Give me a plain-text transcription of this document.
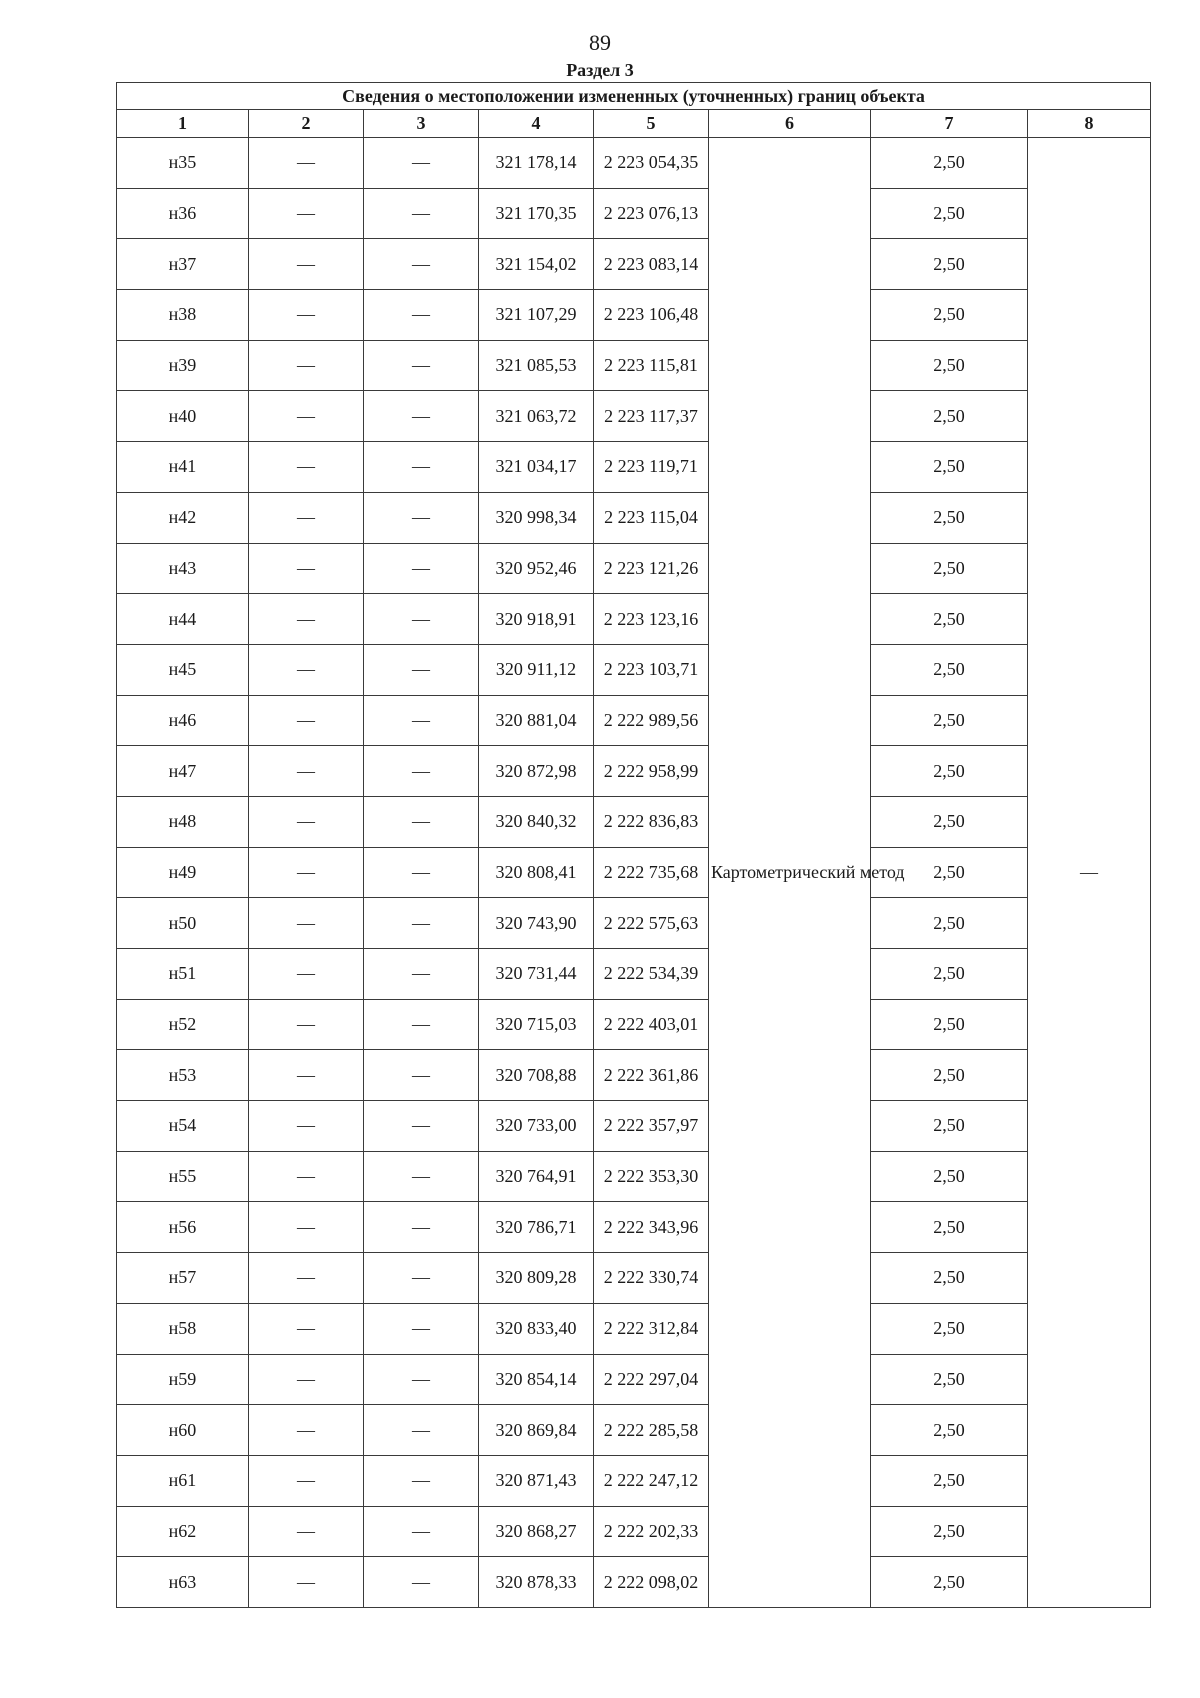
89
Раздел 3
Сведения о местоположении измененных (уточненных) границ объекта							
1	2	3	4	5	6	7	8
н35	—	—	321 178,14	2 223 054,35	Картометрический метод	2,50	—
н36	—	—	321 170,35	2 223 076,13		2,50	
н37	—	—	321 154,02	2 223 083,14		2,50	
н38	—	—	321 107,29	2 223 106,48		2,50	
н39	—	—	321 085,53	2 223 115,81		2,50	
н40	—	—	321 063,72	2 223 117,37		2,50	
н41	—	—	321 034,17	2 223 119,71		2,50	
н42	—	—	320 998,34	2 223 115,04		2,50	
н43	—	—	320 952,46	2 223 121,26		2,50	
н44	—	—	320 918,91	2 223 123,16		2,50	
н45	—	—	320 911,12	2 223 103,71		2,50	
н46	—	—	320 881,04	2 222 989,56		2,50	
н47	—	—	320 872,98	2 222 958,99		2,50	
н48	—	—	320 840,32	2 222 836,83		2,50	
н49	—	—	320 808,41	2 222 735,68		2,50	
н50	—	—	320 743,90	2 222 575,63		2,50	
н51	—	—	320 731,44	2 222 534,39		2,50	
н52	—	—	320 715,03	2 222 403,01		2,50	
н53	—	—	320 708,88	2 222 361,86		2,50	
н54	—	—	320 733,00	2 222 357,97		2,50	
н55	—	—	320 764,91	2 222 353,30		2,50	
н56	—	—	320 786,71	2 222 343,96		2,50	
н57	—	—	320 809,28	2 222 330,74		2,50	
н58	—	—	320 833,40	2 222 312,84		2,50	
н59	—	—	320 854,14	2 222 297,04		2,50	
н60	—	—	320 869,84	2 222 285,58		2,50	
н61	—	—	320 871,43	2 222 247,12		2,50	
н62	—	—	320 868,27	2 222 202,33		2,50	
н63	—	—	320 878,33	2 222 098,02		2,50	
